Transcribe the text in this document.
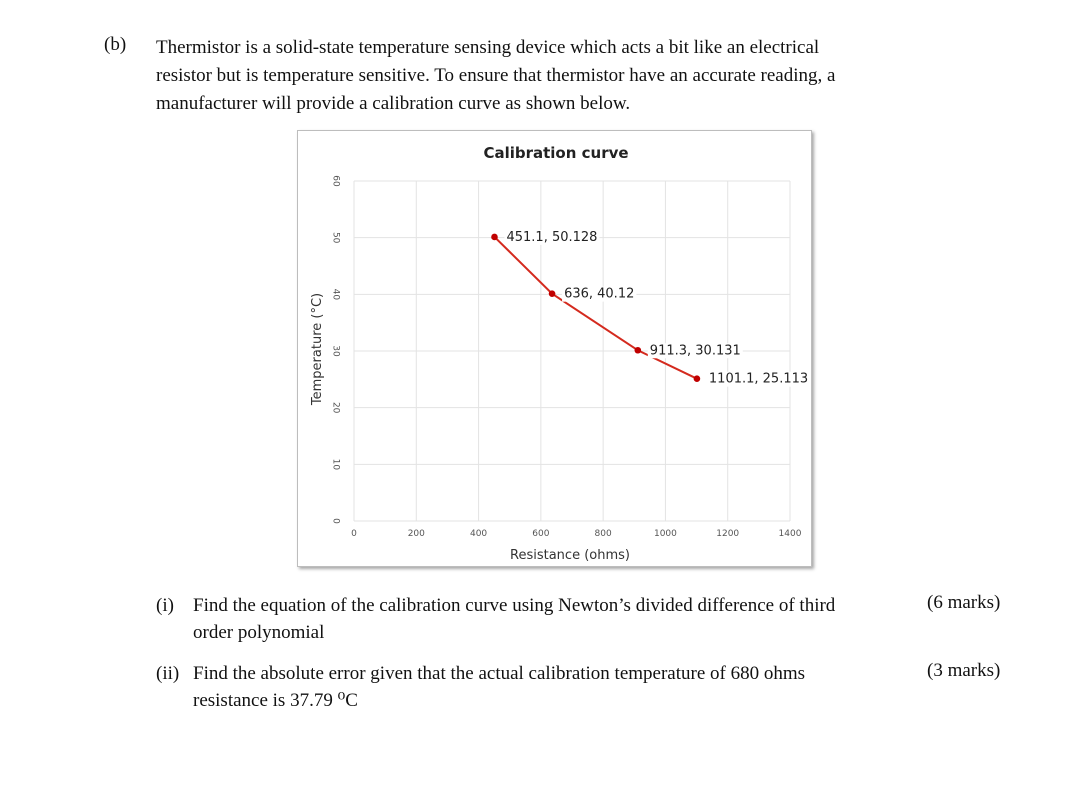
(b) Thermistor is a solid-state temperature sensing device which acts a bit like an electrical
resistor but is temperature sensitive. To ensure that thermistor have an accurate reading, a
manufacturer will provide a calibration curve as shown below.
0
10
20
30
40
50
60
0	200	400	600	800	1000	1200	1400
451.1, 50.128
636, 40.12
911.3, 30.131
1101.1, 25.113
Calibration curve
Resistance (ohms)
Temperature (°C)
(i) Find the equation of the calibration curve using Newton’s divided difference of third
order polynomial
(6 marks)
(ii) Find the absolute error given that the actual calibration temperature of 680 ohms
resistance is 37.79 ⁰C
(3 marks)
